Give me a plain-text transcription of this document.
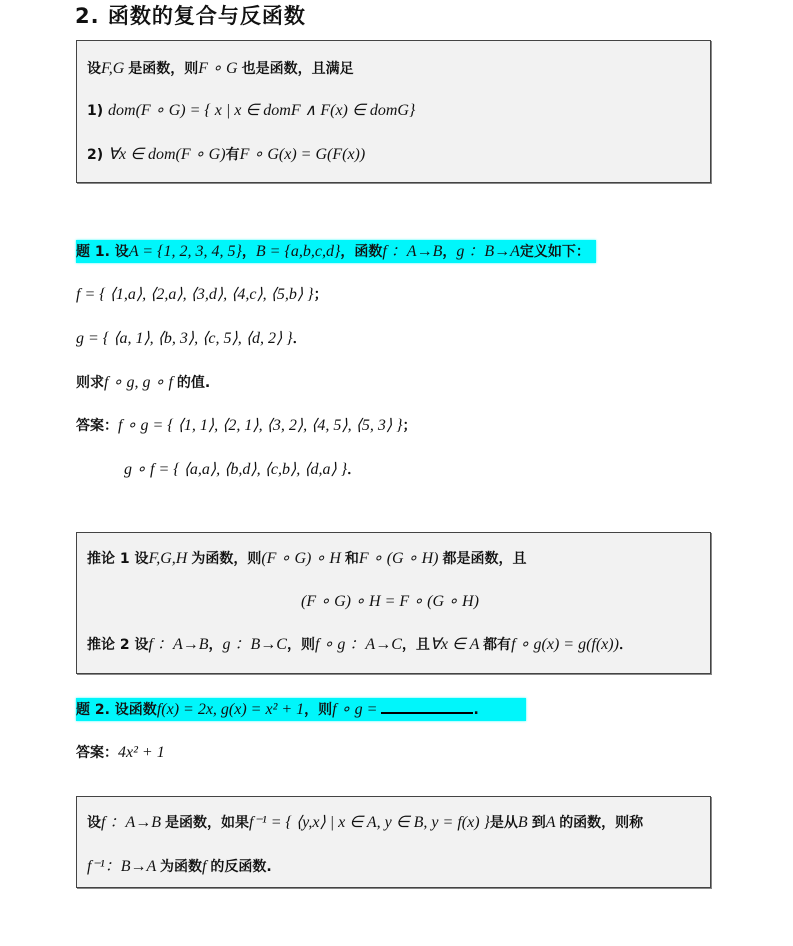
2. 函数的复合与反函数
设F,G 是函数，则F ∘ G 也是函数，且满足
1) dom(F ∘ G) = { x | x ∈ domF ∧ F(x) ∈ domG}
2) ∀x ∈ dom(F ∘ G)有F ∘ G(x) = G(F(x))
题 1. 设A = {1, 2, 3, 4, 5}，B = {a,b,c,d}，函数f ：A→B，g ：B→A定义如下：
f = { ⟨1,a⟩, ⟨2,a⟩, ⟨3,d⟩, ⟨4,c⟩, ⟨5,b⟩ }；
g = { ⟨a, 1⟩, ⟨b, 3⟩, ⟨c, 5⟩, ⟨d, 2⟩ }．
则求f ∘ g, g ∘ f 的值.
答案：f ∘ g = { ⟨1, 1⟩, ⟨2, 1⟩, ⟨3, 2⟩, ⟨4, 5⟩, ⟨5, 3⟩ }；
g ∘ f = { ⟨a,a⟩, ⟨b,d⟩, ⟨c,b⟩, ⟨d,a⟩ }．
推论 1 设F,G,H 为函数，则(F ∘ G) ∘ H 和F ∘ (G ∘ H) 都是函数，且
(F ∘ G) ∘ H = F ∘ (G ∘ H)
推论 2 设f ：A→B，g ：B→C，则f ∘ g ：A→C，且∀x ∈ A 都有f ∘ g(x) = g(f(x))．
题 2. 设函数f(x) = 2x, g(x) = x² + 1，则f ∘ g =	.
答案：4x² + 1
设f ：A→B 是函数，如果f⁻¹ = { ⟨y,x⟩ | x ∈ A, y ∈ B, y = f(x) }是从B 到A 的函数，则称
f⁻¹：B→A 为函数f 的反函数.
